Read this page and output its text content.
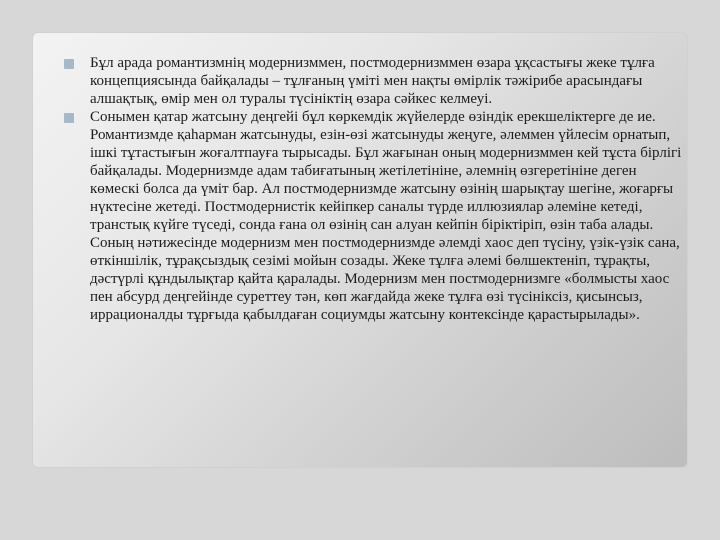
Бұл арада романтизмнің модернизммен, постмодернизммен өзара ұқсастығы жеке тұлға концепциясында байқалады – тұлғаның үмітi мен нақты өмiрлiк тәжiрибе арасындағы алшақтық, өмiр мен ол туралы түсiнiктiң өзара сәйкес келмеуi.
Сонымен қатар жатсыну деңгейі бұл көркемдік жүйелерде өзіндік ерекшеліктерге де ие. Романтизмде қаһарман жатсынуды, езін-өзі жатсынуды жеңуге, әлеммен үйлесім орнатып, ішкі тұтастығын жоғалтпауға тырысады. Бұл жағынан оның модернизммен кей тұста бірлігі байқалады. Модернизмде адам табиғатының жетілетініне, әлемнің өзгеретініне деген көмескі болса да үміт бар. Ал постмодернизмде жатсыну өзінің шарықтау шегіне, жоғарғы нүктесіне жетеді. Постмодернистік кейіпкер саналы түрде иллюзиялар әлеміне кетеді, транстық күйге түседі, сонда ғана ол өзінің сан алуан кейпін біріктіріп, өзін таба алады. Соның нәтижесінде модернизм мен постмодернизмде әлемді хаос деп түсіну, үзік-үзік сана, өткіншілік, тұрақсыздық сезімі мойын созады. Жеке тұлға әлемі бөлшектеніп, тұрақты, дәстүрлі құндылықтар қайта қаралады. Модернизм мен постмодернизмге «болмысты хаос пен абсурд деңгейінде суреттеу тән, көп жағдайда жеке тұлға өзі түсініксіз, қисынсыз, иррационалды тұрғыда қабылдаған социумды жатсыну контексінде қарастырылады».
